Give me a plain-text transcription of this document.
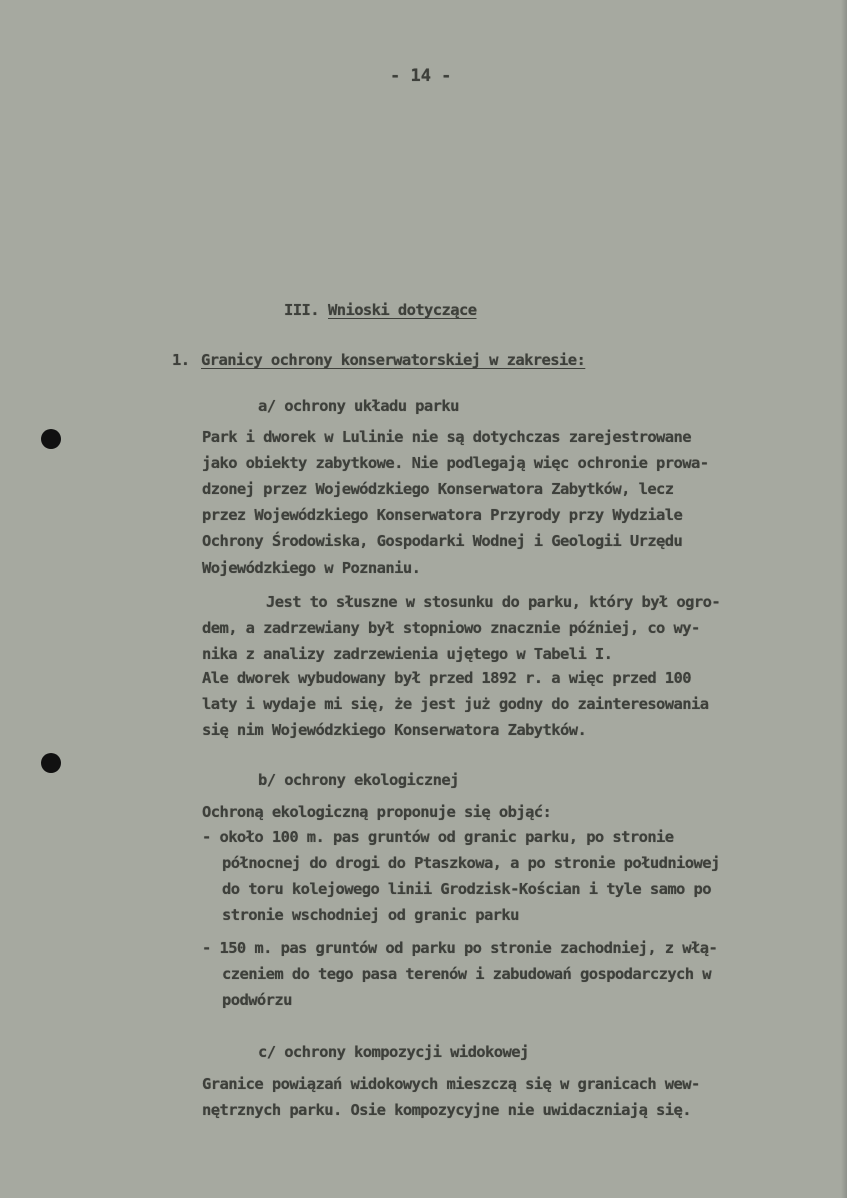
- 14 -
III. Wnioski dotyczące
1. Granicy ochrony konserwatorskiej w zakresie:
a/ ochrony układu parku
Park i dworek w Lulinie nie są dotychczas zarejestrowane
jako obiekty zabytkowe. Nie podlegają więc ochronie prowa-
dzonej przez Wojewódzkiego Konserwatora Zabytków, lecz
przez Wojewódzkiego Konserwatora Przyrody przy Wydziale
Ochrony Środowiska, Gospodarki Wodnej i Geologii Urzędu
Wojewódzkiego w Poznaniu.
Jest to słuszne w stosunku do parku, który był ogro-
dem, a zadrzewiany był stopniowo znacznie później, co wy-
nika z analizy zadrzewienia ujętego w Tabeli I.
Ale dworek wybudowany był przed 1892 r. a więc przed 100
laty i wydaje mi się, że jest już godny do zainteresowania
się nim Wojewódzkiego Konserwatora Zabytków.
b/ ochrony ekologicznej
Ochroną ekologiczną proponuje się objąć:
- około 100 m. pas gruntów od granic parku, po stronie
północnej do drogi do Ptaszkowa, a po stronie południowej
do toru kolejowego linii Grodzisk-Kościan i tyle samo po
stronie wschodniej od granic parku
- 150 m. pas gruntów od parku po stronie zachodniej, z włą-
czeniem do tego pasa terenów i zabudowań gospodarczych w
podwórzu
c/ ochrony kompozycji widokowej
Granice powiązań widokowych mieszczą się w granicach wew-
nętrznych parku. Osie kompozycyjne nie uwidaczniają się.
